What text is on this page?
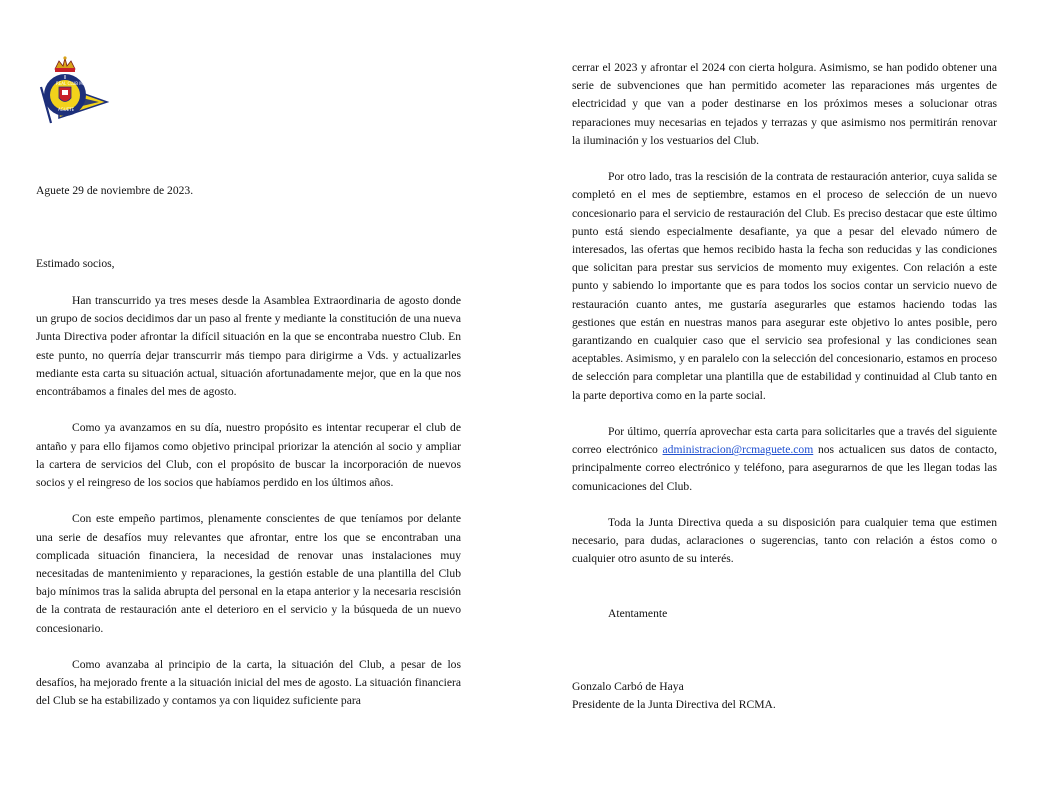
REAL CLUB MAR
AGUETE
Aguete 29 de noviembre de 2023.
Estimado socios,

Han transcurrido ya tres meses desde la Asamblea Extraordinaria de agosto donde un grupo de socios decidimos dar un paso al frente y mediante la constitución de una nueva Junta Directiva poder afrontar la difícil situación en la que se encontraba nuestro Club. En este punto, no querría dejar transcurrir más tiempo para dirigirme a Vds. y actualizarles mediante esta carta su situación actual, situación afortunadamente mejor, que en la que nos encontrábamos a finales del mes de agosto.

Como ya avanzamos en su día, nuestro propósito es intentar recuperar el club de antaño y para ello fijamos como objetivo principal priorizar la atención al socio y ampliar la cartera de servicios del Club, con el propósito de buscar la incorporación de nuevos socios y el reingreso de los socios que habíamos perdido en los últimos años.

Con este empeño partimos, plenamente conscientes de que teníamos por delante una serie de desafíos muy relevantes que afrontar, entre los que se encontraban una complicada situación financiera, la necesidad de renovar unas instalaciones muy necesitadas de mantenimiento y reparaciones, la gestión estable de una plantilla del Club bajo mínimos tras la salida abrupta del personal en la etapa anterior y la necesaria rescisión de la contrata de restauración ante el deterioro en el servicio y la búsqueda de un nuevo concesionario.

Como avanzaba al principio de la carta, la situación del Club, a pesar de los desafíos, ha mejorado frente a la situación inicial del mes de agosto. La situación financiera del Club se ha estabilizado y contamos ya con liquidez suficiente para

cerrar el 2023 y afrontar el 2024 con cierta holgura. Asimismo, se han podido obtener una serie de subvenciones que han permitido acometer las reparaciones más urgentes de electricidad y que van a poder destinarse en los próximos meses a solucionar otras reparaciones muy necesarias en tejados y terrazas y que asimismo nos permitirán renovar la iluminación y los vestuarios del Club.

Por otro lado, tras la rescisión de la contrata de restauración anterior, cuya salida se completó en el mes de septiembre, estamos en el proceso de selección de un nuevo concesionario para el servicio de restauración del Club. Es preciso destacar que este último punto está siendo especialmente desafiante, ya que a pesar del elevado número de interesados, las ofertas que hemos recibido hasta la fecha son reducidas y las condiciones que solicitan para prestar sus servicios de momento muy exigentes. Con relación a este punto y sabiendo lo importante que es para todos los socios contar un servicio nuevo de restauración cuanto antes, me gustaría asegurarles que estamos haciendo todas las gestiones que están en nuestras manos para asegurar este objetivo lo antes posible, pero garantizando en cualquier caso que el servicio sea profesional y las condiciones sean aceptables. Asimismo, y en paralelo con la selección del concesionario, estamos en proceso de selección para completar una plantilla que de estabilidad y continuidad al Club tanto en la parte deportiva como en la parte social.

Por último, querría aprovechar esta carta para solicitarles que a través del siguiente correo electrónico administracion@rcmaguete.com nos actualicen sus datos de contacto, principalmente correo electrónico y teléfono, para asegurarnos de que les llegan todas las comunicaciones del Club.

Toda la Junta Directiva queda a su disposición para cualquier tema que estimen necesario, para dudas, aclaraciones o sugerencias, tanto con relación a éstos como o cualquier otro asunto de su interés.

Atentamente

Gonzalo Carbó de Haya

Presidente de la Junta Directiva del RCMA.
